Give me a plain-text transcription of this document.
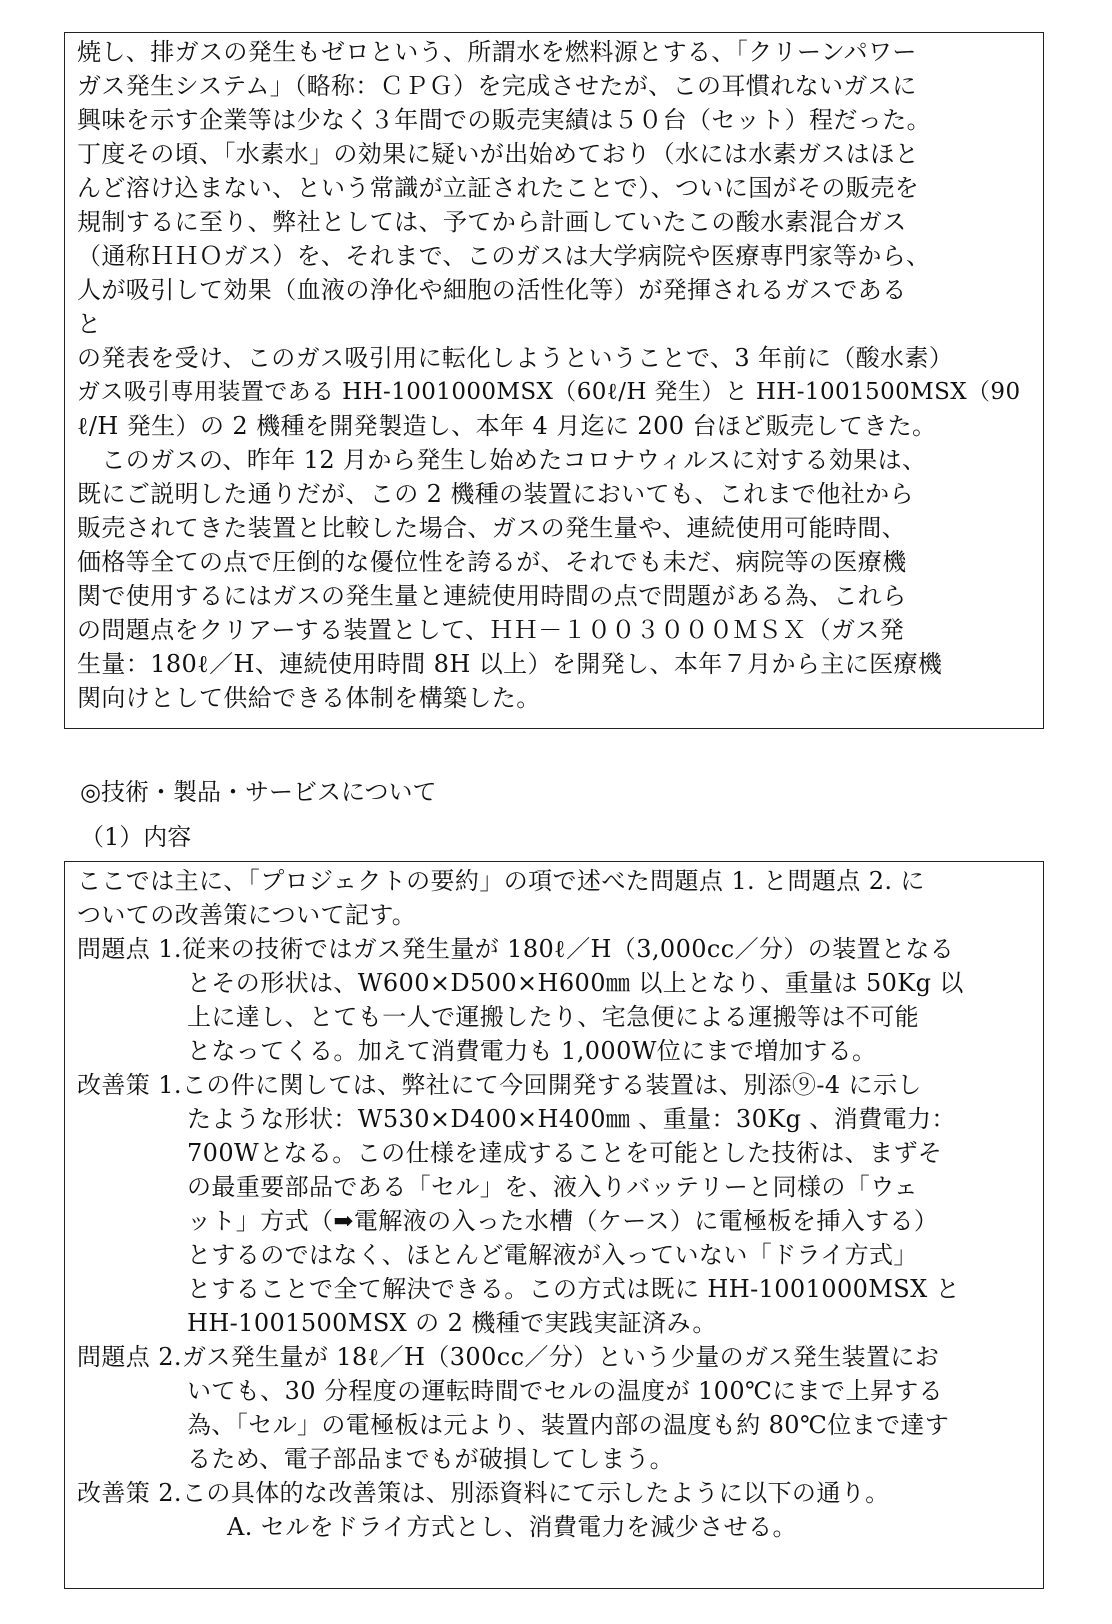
焼し、排ガスの発生もゼロという、所謂水を燃料源とする、「クリーンパワー
ガス発生システム」（略称：ＣＰＧ）を完成させたが、この耳慣れないガスに
興味を示す企業等は少なく３年間での販売実績は５０台（セット）程だった。
丁度その頃、「水素水」の効果に疑いが出始めており（水には水素ガスはほと
んど溶け込まない、という常識が立証されたことで）、ついに国がその販売を
規制するに至り、弊社としては、予てから計画していたこの酸水素混合ガス
（通称ＨＨＯガス）を、それまで、このガスは大学病院や医療専門家等から、
人が吸引して効果（血液の浄化や細胞の活性化等）が発揮されるガスである
と
の発表を受け、このガス吸引用に転化しようということで、3 年前に（酸水素）
ガス吸引専用装置である HH-1001000MSX（60ℓ/H 発生）と HH-1001500MSX（90
ℓ/H 発生）の 2 機種を開発製造し、本年 4 月迄に 200 台ほど販売してきた。
　このガスの、昨年 12 月から発生し始めたコロナウィルスに対する効果は、
既にご説明した通りだが、この 2 機種の装置においても、これまで他社から
販売されてきた装置と比較した場合、ガスの発生量や、連続使用可能時間、
価格等全ての点で圧倒的な優位性を誇るが、それでも未だ、病院等の医療機
関で使用するにはガスの発生量と連続使用時間の点で問題がある為、これら
の問題点をクリアーする装置として、ＨＨ－１００３０００ＭＳＸ（ガス発
生量：180ℓ／H、連続使用時間 8H 以上）を開発し、本年７月から主に医療機
関向けとして供給できる体制を構築した。
◎技術・製品・サービスについて
（1）内容
ここでは主に、「プロジェクトの要約」の項で述べた問題点 1. と問題点 2. に
ついての改善策について記す。
問題点 1.従来の技術ではガス発生量が 180ℓ／H（3,000cc／分）の装置となる
とその形状は、W600×D500×H600㎜ 以上となり、重量は 50Kg 以
上に達し、とても一人で運搬したり、宅急便による運搬等は不可能
となってくる。加えて消費電力も 1,000W位にまで増加する。
改善策 1.この件に関しては、弊社にて今回開発する装置は、別添⑨-4 に示し
たような形状：W530×D400×H400㎜ 、重量：30Kg 、消費電力：
700Wとなる。この仕様を達成することを可能とした技術は、まずそ
の最重要部品である「セル」を、液入りバッテリーと同様の「ウェ
ット」方式（➡電解液の入った水槽（ケース）に電極板を挿入する）
とするのではなく、ほとんど電解液が入っていない「ドライ方式」
とすることで全て解決できる。この方式は既に HH-1001000MSX と
HH-1001500MSX の 2 機種で実践実証済み。
問題点 2.ガス発生量が 18ℓ／H（300cc／分）という少量のガス発生装置にお
いても、30 分程度の運転時間でセルの温度が 100℃にまで上昇する
為、「セル」の電極板は元より、装置内部の温度も約 80℃位まで達す
るため、電子部品までもが破損してしまう。
改善策 2.この具体的な改善策は、別添資料にて示したように以下の通り。
A. セルをドライ方式とし、消費電力を減少させる。
